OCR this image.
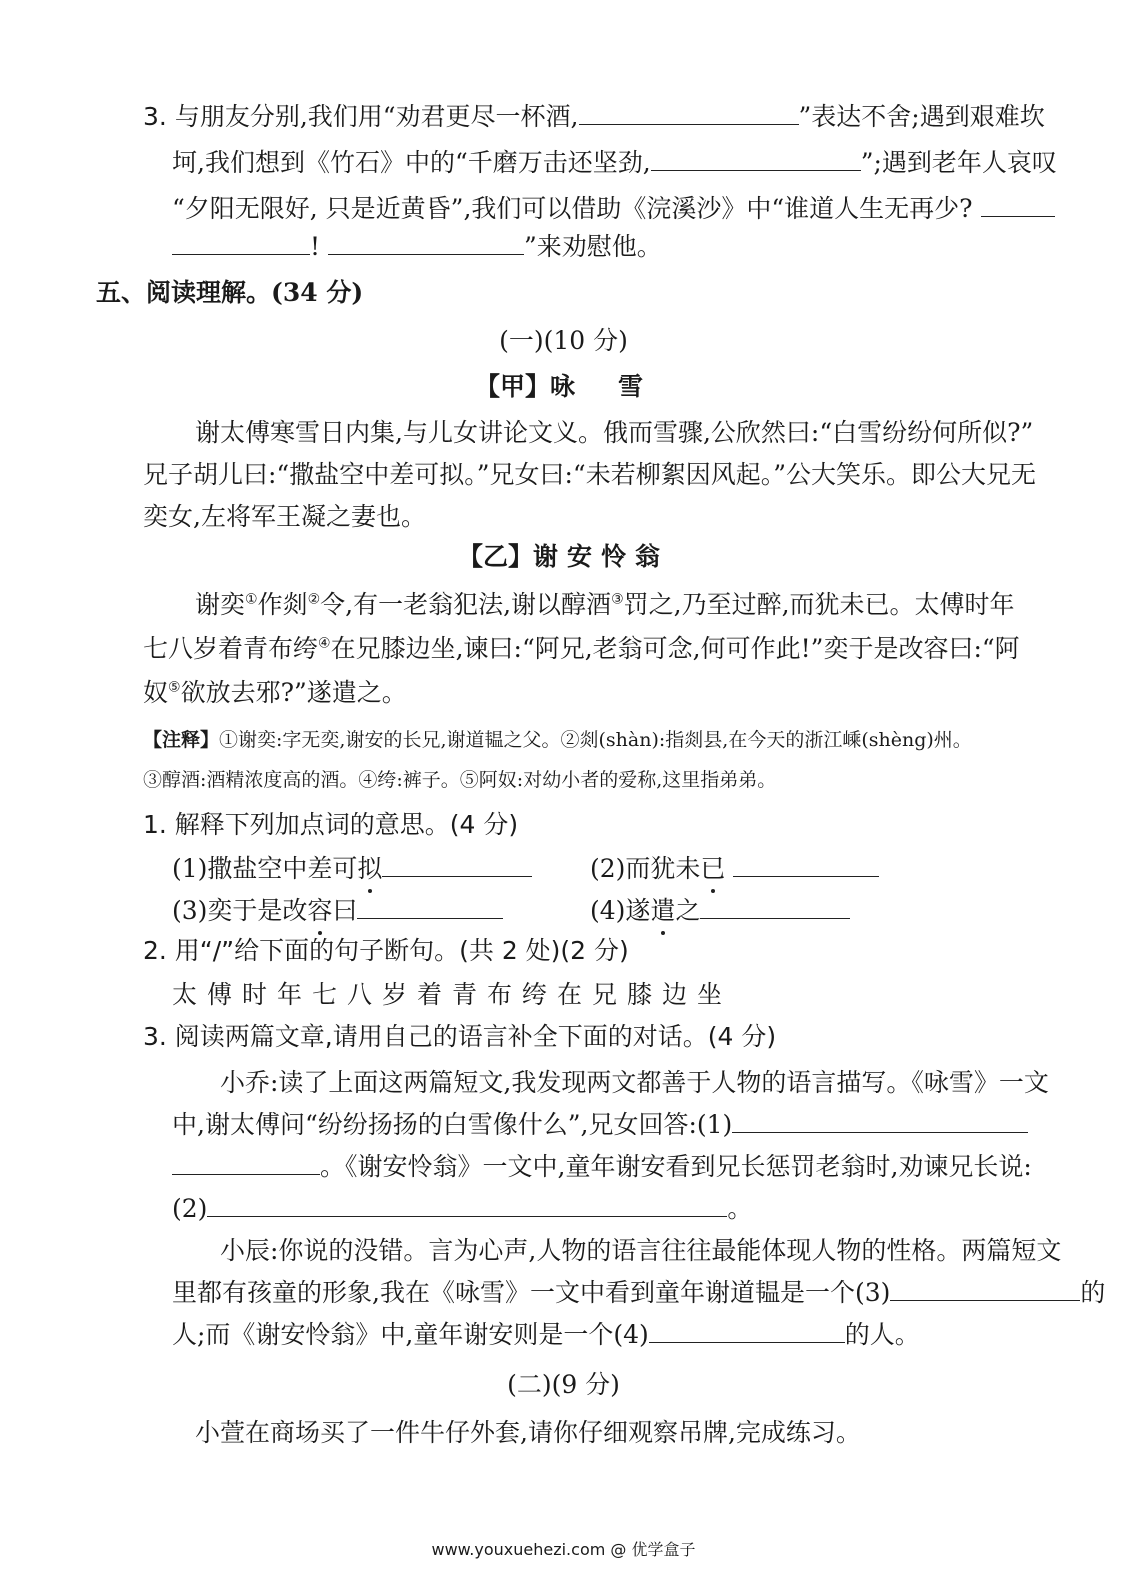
3. 与朋友分别,我们用“劝君更尽一杯酒,	”表达不舍;遇到艰难坎
坷,我们想到《竹石》中的“千磨万击还坚劲,	”;遇到老年人哀叹
“夕阳无限好, 只是近黄昏”,我们可以借助《浣溪沙》中“谁道人生无再少?
!	”来劝慰他。
五、阅读理解。(34 分)
(一)(10 分)
【甲】咏　雪
谢太傅寒雪日内集,与儿女讲论文义。俄而雪骤,公欣然曰:“白雪纷纷何所似?”
兄子胡儿曰:“撒盐空中差可拟。”兄女曰:“未若柳絮因风起。”公大笑乐。即公大兄无
奕女,左将军王凝之妻也。
【乙】谢安怜翁
谢奕①作剡②令,有一老翁犯法,谢以醇酒③罚之,乃至过醉,而犹未已。太傅时年
七八岁着青布绔④在兄膝边坐,谏曰:“阿兄,老翁可念,何可作此!”奕于是改容曰:“阿
奴⑤欲放去邪?”遂遣之。
【注释】①谢奕:字无奕,谢安的长兄,谢道韫之父。②剡(shàn):指剡县,在今天的浙江嵊(shèng)州。
③醇酒:酒精浓度高的酒。④绔:裤子。⑤阿奴:对幼小者的爱称,这里指弟弟。
1. 解释下列加点词的意思。(4 分)
(1)撒盐空中差可拟	(2)而犹未已
(3)奕于是改容曰	(4)遂遣之
2. 用“/”给下面的句子断句。(共 2 处)(2 分)
太傅时年七八岁着青布绔在兄膝边坐
3. 阅读两篇文章,请用自己的语言补全下面的对话。(4 分)
小乔:读了上面这两篇短文,我发现两文都善于人物的语言描写。《咏雪》一文
中,谢太傅问“纷纷扬扬的白雪像什么”,兄女回答:(1)
。《谢安怜翁》一文中,童年谢安看到兄长惩罚老翁时,劝谏兄长说:
(2)	。
小辰:你说的没错。言为心声,人物的语言往往最能体现人物的性格。两篇短文
里都有孩童的形象,我在《咏雪》一文中看到童年谢道韫是一个(3)	的
人;而《谢安怜翁》中,童年谢安则是一个(4)	的人。
(二)(9 分)
小萱在商场买了一件牛仔外套,请你仔细观察吊牌,完成练习。
www.youxuehezi.com @ 优学盒子
